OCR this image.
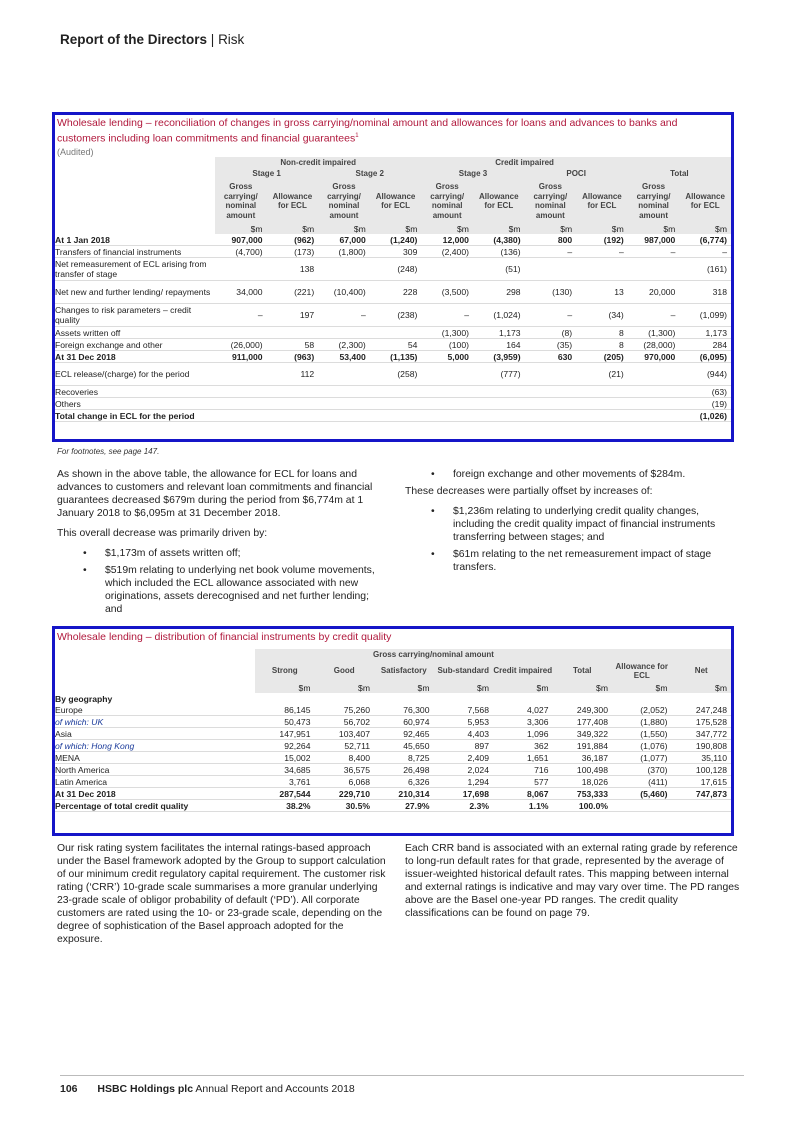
Report of the Directors | Risk
Wholesale lending – reconciliation of changes in gross carrying/nominal amount and allowances for loans and advances to banks and customers including loan commitments and financial guarantees$^1$
(Audited)
	Non-credit impaired				Credit impaired					
	Stage 1		Stage 2		Stage 3		POCI		Total	
	Gross carrying/ nominal amount	Allowance for ECL	Gross carrying/ nominal amount	Allowance for ECL	Gross carrying/ nominal amount	Allowance for ECL	Gross carrying/ nominal amount	Allowance for ECL	Gross carrying/ nominal amount	Allowance for ECL
	$m	$m	$m	$m	$m	$m	$m	$m	$m	$m
At 1 Jan 2018	907,000	(962)	67,000	(1,240)	12,000	(4,380)	800	(192)	987,000	(6,774)
Transfers of financial instruments	(4,700)	(173)	(1,800)	309	(2,400)	(136)	–	–	–	–
Net remeasurement of ECL arising from transfer of stage		138		(248)		(51)				(161)
Net new and further lending/ repayments	34,000	(221)	(10,400)	228	(3,500)	298	(130)	13	20,000	318
Changes to risk parameters – credit quality	–	197	–	(238)	–	(1,024)	–	(34)	–	(1,099)
Assets written off					(1,300)	1,173	(8)	8	(1,300)	1,173
Foreign exchange and other	(26,000)	58	(2,300)	54	(100)	164	(35)	8	(28,000)	284
At 31 Dec 2018	911,000	(963)	53,400	(1,135)	5,000	(3,959)	630	(205)	970,000	(6,095)
ECL release/(charge) for the period		112		(258)		(777)		(21)		(944)
Recoveries										(63)
Others										(19)
Total change in ECL for the period										(1,026)
For footnotes, see page 147.

As shown in the above table, the allowance for ECL for loans and advances to customers and relevant loan commitments and financial guarantees decreased $679m during the period from $6,774m at 1 January 2018 to $6,095m at 31 December 2018.

This overall decrease was primarily driven by:

• $1,173m of assets written off;
• $519m relating to underlying net book volume movements, which included the ECL allowance associated with new originations, assets derecognised and net further lending; and
• foreign exchange and other movements of $284m.

These decreases were partially offset by increases of:

• $1,236m relating to underlying credit quality changes, including the credit quality impact of financial instruments transferring between stages; and
• $61m relating to the net remeasurement impact of stage transfers.
Wholesale lending – distribution of financial instruments by credit quality
	Gross carrying/nominal amount							
	Strong	Good	Satisfactory	Sub-standard	Credit impaired	Total	Allowance for ECL	Net
	$m	$m	$m	$m	$m	$m	$m	$m
By geography								
Europe	86,145	75,260	76,300	7,568	4,027	249,300	(2,052)	247,248
of which: UK	50,473	56,702	60,974	5,953	3,306	177,408	(1,880)	175,528
Asia	147,951	103,407	92,465	4,403	1,096	349,322	(1,550)	347,772
of which: Hong Kong	92,264	52,711	45,650	897	362	191,884	(1,076)	190,808
MENA	15,002	8,400	8,725	2,409	1,651	36,187	(1,077)	35,110
North America	34,685	36,575	26,498	2,024	716	100,498	(370)	100,128
Latin America	3,761	6,068	6,326	1,294	577	18,026	(411)	17,615
At 31 Dec 2018	287,544	229,710	210,314	17,698	8,067	753,333	(5,460)	747,873
Percentage of total credit quality	38.2%	30.5%	27.9%	2.3%	1.1%	100.0%		
Our risk rating system facilitates the internal ratings-based approach under the Basel framework adopted by the Group to support calculation of our minimum credit regulatory capital requirement. The customer risk rating (‘CRR’) 10-grade scale summarises a more granular underlying 23-grade scale of obligor probability of default (‘PD’). All corporate customers are rated using the 10- or 23-grade scale, depending on the degree of sophistication of the Basel approach adopted for the exposure.
Each CRR band is associated with an external rating grade by reference to long-run default rates for that grade, represented by the average of issuer-weighted historical default rates. This mapping between internal and external ratings is indicative and may vary over time. The PD ranges above are the Basel one-year PD ranges. The credit quality classifications can be found on page 79.
106 HSBC Holdings plc Annual Report and Accounts 2018
